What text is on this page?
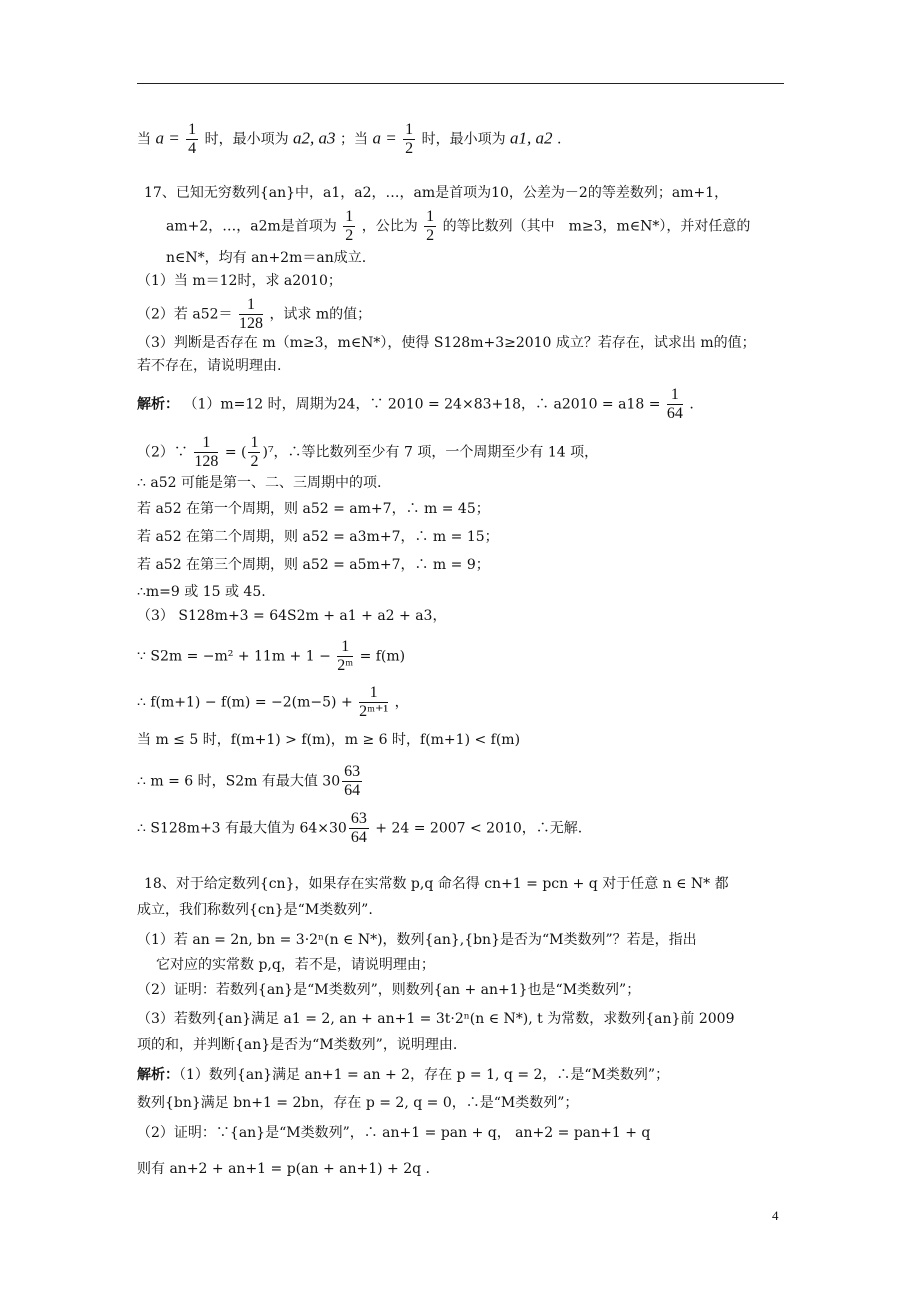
当 $a = \frac{1}{4}$ 时，最小项为 a2, a3 ；当 $a = \frac{1}{2}$ 时，最小项为 a1, a2 .
17、已知无穷数列{an}中，a1，a2，…，am是首项为10，公差为－2的等差数列；am+1，
am+2，…，a2m是首项为 $\frac{1}{2}$ ，公比为 $\frac{1}{2}$ 的等比数列（其中　m≥3，m∈N*），并对任意的
n∈N*，均有 an+2m＝an成立.
（1）当 m＝12时，求 a2010；
（2）若 $a52= \frac{1}{128}$ ，试求 m的值；
（3）判断是否存在 m（m≥3，m∈N*），使得 S128m+3≥2010 成立？若存在，试求出 m的值；
若不存在，请说明理由.
解析： （1）m=12 时，周期为24，∵ 2010 = 24×83+18，∴ $a2010 = a18 = \frac{1}{64}$ .
（2）∵ $\frac{1}{128}$ = ( $\frac{1}{2} )^7$，∴等比数列至少有 7 项，一个周期至少有 14 项，
∴ a52 可能是第一、二、三周期中的项.
若 a52 在第一个周期，则 a52 = am+7，∴ m = 45；
若 a52 在第二个周期，则 a52 = a3m+7，∴ m = 15；
若 a52 在第三个周期，则 a52 = a5m+7，∴ m = 9；
∴m=9 或 15 或 45.
（3） S128m+3 = 64S2m + a1 + a2 + a3，
∵ $S2m = -m^2 + 11m + 1 - \frac{1}{\text{2ᵐ}} = f(m)$
∴ $f(m+1) - f(m) = -2(m-5) + \frac{1}{\text{2ᵐ⁺¹}}$ ，
当 m ≤ 5 时，f(m+1) > f(m)，m ≥ 6 时，f(m+1) < f(m)
∴ m = 6 时，S2m 有最大值 $30 \frac{63}{64}$
∴ S128m+3 有最大值为 $64\times 30 \frac{63}{64} + 24 = 2007 < 2010$，∴无解.
18、对于给定数列{cn}，如果存在实常数 p,q 命名得 cn+1 = pcn + q 对于任意 n ∈ N* 都
成立，我们称数列{cn}是“M类数列”.
（1）若 an = 2n, bn = 3·2ⁿ(n ∈ N*)，数列{an},{bn}是否为“M类数列”？若是，指出
它对应的实常数 p,q，若不是，请说明理由；
（2）证明：若数列{an}是“M类数列”，则数列{an + an+1}也是“M类数列”；
（3）若数列{an}满足 a1 = 2, an + an+1 = 3t·2ⁿ(n ∈ N*), t 为常数，求数列{an}前 2009
项的和，并判断{an}是否为“M类数列”，说明理由.
解析：（1）数列{an}满足 an+1 = an + 2，存在 p = 1, q = 2，∴是“M类数列”；
数列{bn}满足 bn+1 = 2bn，存在 p = 2, q = 0，∴是“M类数列”；
（2）证明：∵{an}是“M类数列”，∴ an+1 = pan + q， an+2 = pan+1 + q
则有 an+2 + an+1 = p(an + an+1) + 2q .
4
